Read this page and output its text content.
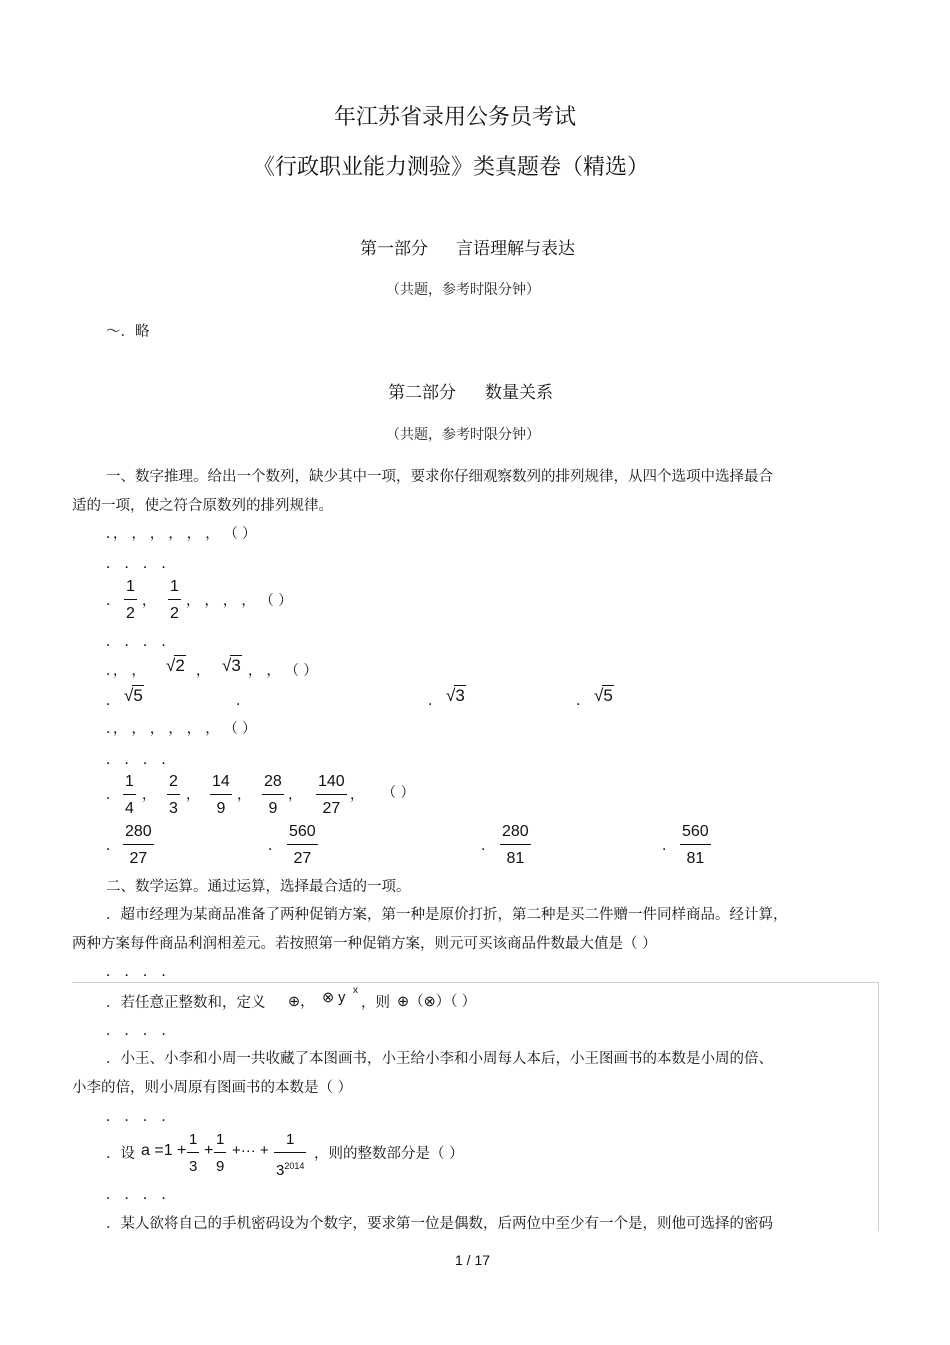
年江苏省录用公务员考试
《行政职业能力测验》类真题卷（精选）
第一部分 言语理解与表达
（共题，参考时限分钟）
〜．略
第二部分 数量关系
（共题，参考时限分钟）
一、数字推理。给出一个数列，缺少其中一项，要求你仔细观察数列的排列规律，从四个选项中选择最合
适的一项，使之符合原数列的排列规律。
．， ， ， ， ， ， （ ）
． ． ． ．
．
1
2
，
1
2
， ， ， ， （ ）
． ． ． ．
．， ， √2 ， √3 ， ， （ ）
． √5	．	． √3	． √5
．， ， ， ， ， ， （ ）
． ． ． ．
．
1
4
，
2
3
，
14
9
，
28
9
，
140
27
， （ ）
．
280
27
．
560
27
．
280
81
．
560
81
二、数学运算。通过运算，选择最合适的一项。
．超市经理为某商品准备了两种促销方案，第一种是原价打折，第二种是买二件赠一件同样商品。经计算，
两种方案每件商品利润相差元。若按照第一种促销方案，则元可买该商品件数最大值是（ ）
． ． ． ．
．若任意正整数和，定义 ⊕， ⊗ y x
，则 ⊕（⊗）（ ）
． ． ． ．
．小王、小李和小周一共收藏了本图画书，小王给小李和小周每人本后，小王图画书的本数是小周的倍、
小李的倍，则小周原有图画书的本数是（ ）
． ． ． ．
．设 a =1 +
1
3
+
1
9
+··· +
1
$3^{2014}$
，则的整数部分是（ ）
． ． ． ．
．某人欲将自己的手机密码设为个数字，要求第一位是偶数，后两位中至少有一个是，则他可选择的密码
1 / 17
